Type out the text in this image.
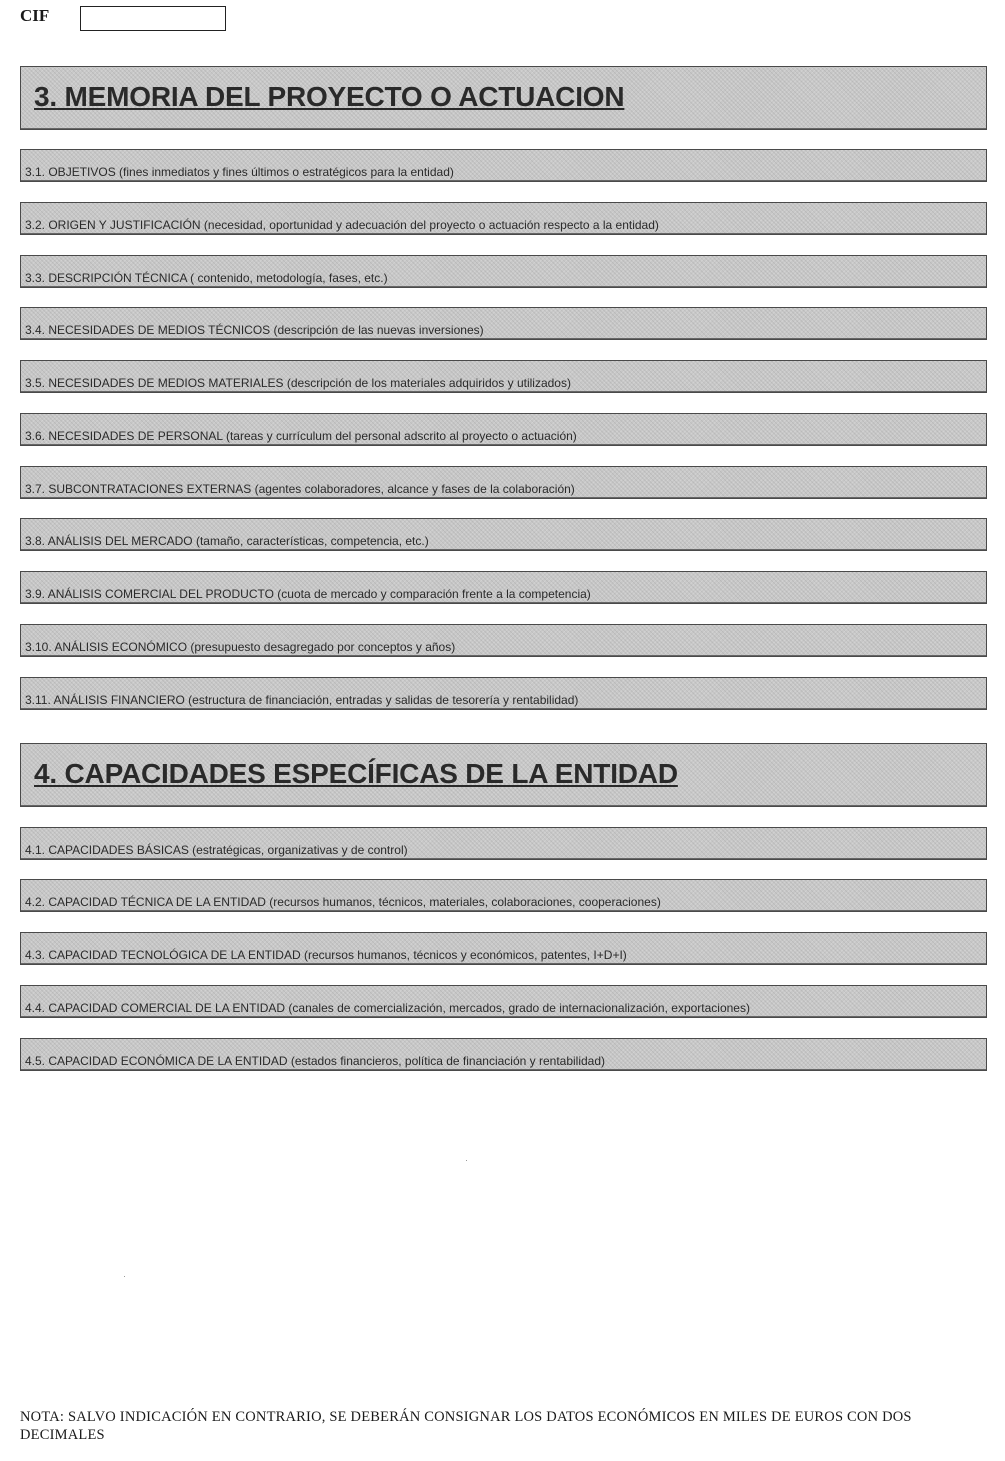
CIF
3. MEMORIA DEL PROYECTO O ACTUACION
3.1. OBJETIVOS (fines inmediatos y fines últimos o estratégicos para la entidad)
3.2. ORIGEN Y JUSTIFICACIÓN (necesidad, oportunidad y adecuación del proyecto o actuación respecto a la entidad)
3.3. DESCRIPCIÓN TÉCNICA ( contenido, metodología, fases, etc.)
3.4. NECESIDADES DE MEDIOS TÉCNICOS (descripción de las nuevas inversiones)
3.5. NECESIDADES DE MEDIOS MATERIALES (descripción de los materiales adquiridos y utilizados)
3.6. NECESIDADES DE PERSONAL (tareas y currículum del personal adscrito al proyecto o actuación)
3.7. SUBCONTRATACIONES EXTERNAS (agentes colaboradores, alcance y fases de la colaboración)
3.8. ANÁLISIS DEL MERCADO (tamaño, características, competencia, etc.)
3.9. ANÁLISIS COMERCIAL DEL PRODUCTO (cuota de mercado y comparación frente a la competencia)
3.10. ANÁLISIS ECONÓMICO (presupuesto desagregado por conceptos y años)
3.11. ANÁLISIS FINANCIERO (estructura de financiación, entradas y salidas de tesorería y rentabilidad)
4. CAPACIDADES ESPECÍFICAS DE LA ENTIDAD
4.1. CAPACIDADES BÁSICAS (estratégicas, organizativas y de control)
4.2. CAPACIDAD TÉCNICA DE LA ENTIDAD (recursos humanos, técnicos, materiales, colaboraciones, cooperaciones)
4.3. CAPACIDAD TECNOLÓGICA DE LA ENTIDAD (recursos humanos, técnicos y económicos, patentes, I+D+I)
4.4. CAPACIDAD COMERCIAL DE LA ENTIDAD (canales de comercialización, mercados, grado de internacionalización, exportaciones)
4.5. CAPACIDAD ECONÓMICA DE LA ENTIDAD (estados financieros, política de financiación y rentabilidad)
NOTA: SALVO INDICACIÓN EN CONTRARIO, SE DEBERÁN CONSIGNAR LOS DATOS ECONÓMICOS EN MILES DE EUROS CON DOS DECIMALES
